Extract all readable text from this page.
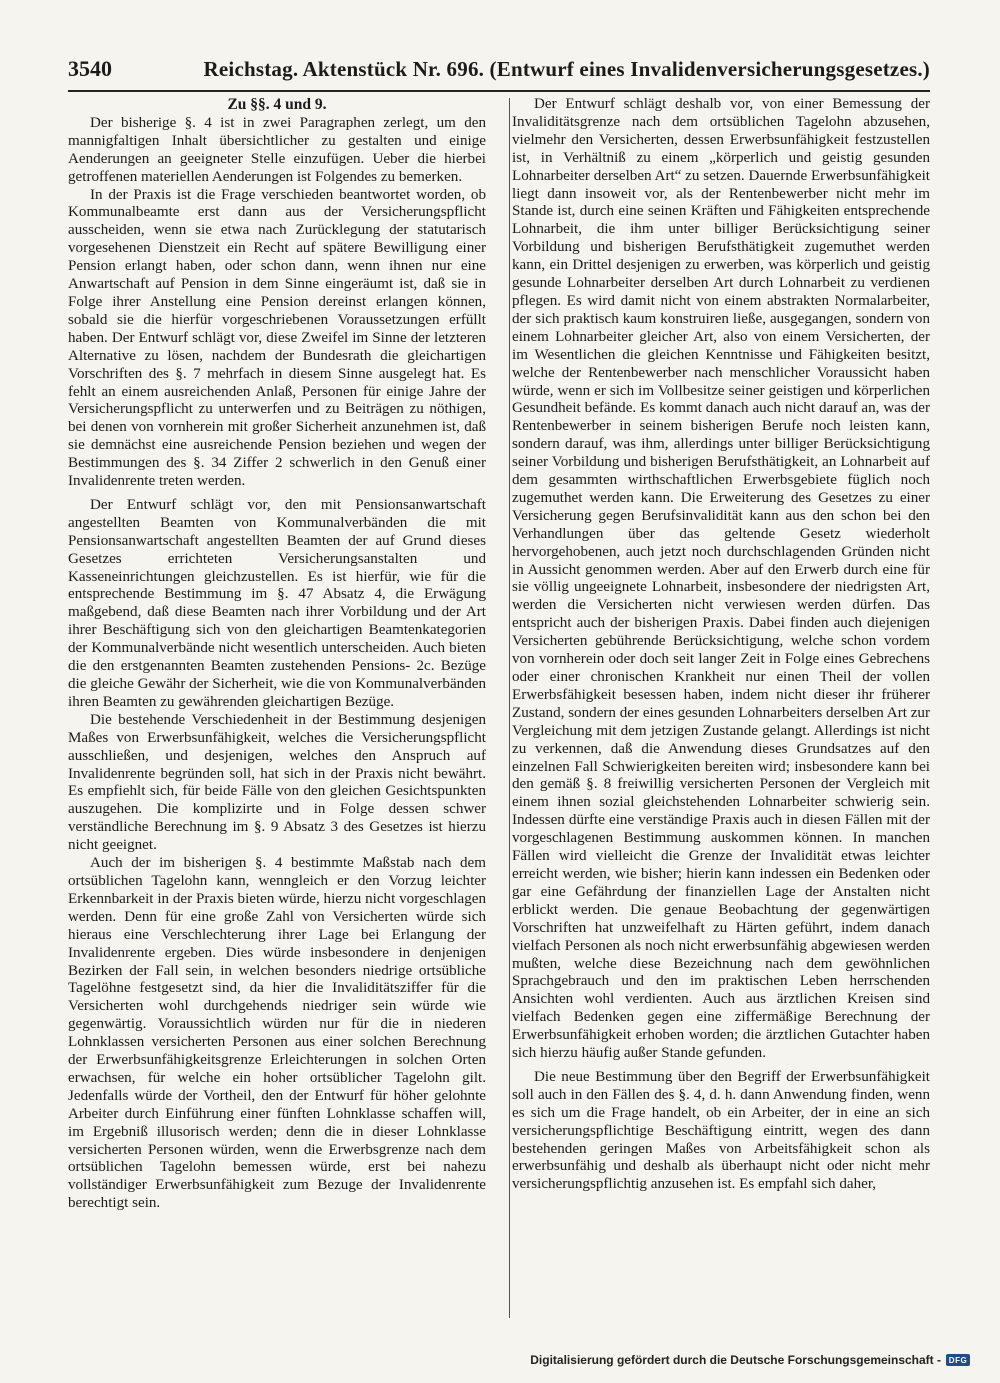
3540	Reichstag. Aktenstück Nr. 696. (Entwurf eines Invalidenversicherungsgesetzes.)

Zu §§. 4 und 9.

Der bisherige §. 4 ist in zwei Paragraphen zerlegt, um den mannigfaltigen Inhalt übersichtlicher zu gestalten und einige Aenderungen an geeigneter Stelle einzufügen. Ueber die hierbei getroffenen materiellen Aenderungen ist Folgendes zu bemerken.

In der Praxis ist die Frage verschieden beantwortet worden, ob Kommunalbeamte erst dann aus der Versicherungspflicht ausscheiden, wenn sie etwa nach Zurücklegung der statutarisch vorgesehenen Dienstzeit ein Recht auf spätere Bewilligung einer Pension erlangt haben, oder schon dann, wenn ihnen nur eine Anwartschaft auf Pension in dem Sinne eingeräumt ist, daß sie in Folge ihrer Anstellung eine Pension dereinst erlangen können, sobald sie die hierfür vorgeschriebenen Voraussetzungen erfüllt haben. Der Entwurf schlägt vor, diese Zweifel im Sinne der letzteren Alternative zu lösen, nachdem der Bundesrath die gleichartigen Vorschriften des §. 7 mehrfach in diesem Sinne ausgelegt hat. Es fehlt an einem ausreichenden Anlaß, Personen für einige Jahre der Versicherungspflicht zu unterwerfen und zu Beiträgen zu nöthigen, bei denen von vornherein mit großer Sicherheit anzunehmen ist, daß sie demnächst eine ausreichende Pension beziehen und wegen der Bestimmungen des §. 34 Ziffer 2 schwerlich in den Genuß einer Invalidenrente treten werden.

Der Entwurf schlägt vor, den mit Pensionsanwartschaft angestellten Beamten von Kommunalverbänden die mit Pensionsanwartschaft angestellten Beamten der auf Grund dieses Gesetzes errichteten Versicherungsanstalten und Kasseneinrichtungen gleichzustellen. Es ist hierfür, wie für die entsprechende Bestimmung im §. 47 Absatz 4, die Erwägung maßgebend, daß diese Beamten nach ihrer Vorbildung und der Art ihrer Beschäftigung sich von den gleichartigen Beamtenkategorien der Kommunalverbände nicht wesentlich unterscheiden. Auch bieten die den erstgenannten Beamten zustehenden Pensions- 2c. Bezüge die gleiche Gewähr der Sicherheit, wie die von Kommunalverbänden ihren Beamten zu gewährenden gleichartigen Bezüge.

Die bestehende Verschiedenheit in der Bestimmung desjenigen Maßes von Erwerbsunfähigkeit, welches die Versicherungspflicht ausschließen, und desjenigen, welches den Anspruch auf Invalidenrente begründen soll, hat sich in der Praxis nicht bewährt. Es empfiehlt sich, für beide Fälle von den gleichen Gesichtspunkten auszugehen. Die komplizirte und in Folge dessen schwer verständliche Berechnung im §. 9 Absatz 3 des Gesetzes ist hierzu nicht geeignet.

Auch der im bisherigen §. 4 bestimmte Maßstab nach dem ortsüblichen Tagelohn kann, wenngleich er den Vorzug leichter Erkennbarkeit in der Praxis bieten würde, hierzu nicht vorgeschlagen werden. Denn für eine große Zahl von Versicherten würde sich hieraus eine Verschlechterung ihrer Lage bei Erlangung der Invalidenrente ergeben. Dies würde insbesondere in denjenigen Bezirken der Fall sein, in welchen besonders niedrige ortsübliche Tagelöhne festgesetzt sind, da hier die Invaliditätsziffer für die Versicherten wohl durchgehends niedriger sein würde wie gegenwärtig. Voraussichtlich würden nur für die in niederen Lohnklassen versicherten Personen aus einer solchen Berechnung der Erwerbsunfähigkeitsgrenze Erleichterungen in solchen Orten erwachsen, für welche ein hoher ortsüblicher Tagelohn gilt. Jedenfalls würde der Vortheil, den der Entwurf für höher gelohnte Arbeiter durch Einführung einer fünften Lohnklasse schaffen will, im Ergebniß illusorisch werden; denn die in dieser Lohnklasse versicherten Personen würden, wenn die Erwerbsgrenze nach dem ortsüblichen Tagelohn bemessen würde, erst bei nahezu vollständiger Erwerbsunfähigkeit zum Bezuge der Invalidenrente berechtigt sein.

Der Entwurf schlägt deshalb vor, von einer Bemessung der Invaliditätsgrenze nach dem ortsüblichen Tagelohn abzusehen, vielmehr den Versicherten, dessen Erwerbsunfähigkeit festzustellen ist, in Verhältniß zu einem „körperlich und geistig gesunden Lohnarbeiter derselben Art“ zu setzen. Dauernde Erwerbsunfähigkeit liegt dann insoweit vor, als der Rentenbewerber nicht mehr im Stande ist, durch eine seinen Kräften und Fähigkeiten entsprechende Lohnarbeit, die ihm unter billiger Berücksichtigung seiner Vorbildung und bisherigen Berufsthätigkeit zugemuthet werden kann, ein Drittel desjenigen zu erwerben, was körperlich und geistig gesunde Lohnarbeiter derselben Art durch Lohnarbeit zu verdienen pflegen. Es wird damit nicht von einem abstrakten Normalarbeiter, der sich praktisch kaum konstruiren ließe, ausgegangen, sondern von einem Lohnarbeiter gleicher Art, also von einem Versicherten, der im Wesentlichen die gleichen Kenntnisse und Fähigkeiten besitzt, welche der Rentenbewerber nach menschlicher Voraussicht haben würde, wenn er sich im Vollbesitze seiner geistigen und körperlichen Gesundheit befände. Es kommt danach auch nicht darauf an, was der Rentenbewerber in seinem bisherigen Berufe noch leisten kann, sondern darauf, was ihm, allerdings unter billiger Berücksichtigung seiner Vorbildung und bisherigen Berufsthätigkeit, an Lohnarbeit auf dem gesammten wirthschaftlichen Erwerbsgebiete füglich noch zugemuthet werden kann. Die Erweiterung des Gesetzes zu einer Versicherung gegen Berufsinvalidität kann aus den schon bei den Verhandlungen über das geltende Gesetz wiederholt hervorgehobenen, auch jetzt noch durchschlagenden Gründen nicht in Aussicht genommen werden. Aber auf den Erwerb durch eine für sie völlig ungeeignete Lohnarbeit, insbesondere der niedrigsten Art, werden die Versicherten nicht verwiesen werden dürfen. Das entspricht auch der bisherigen Praxis. Dabei finden auch diejenigen Versicherten gebührende Berücksichtigung, welche schon vordem von vornherein oder doch seit langer Zeit in Folge eines Gebrechens oder einer chronischen Krankheit nur einen Theil der vollen Erwerbsfähigkeit besessen haben, indem nicht dieser ihr früherer Zustand, sondern der eines gesunden Lohnarbeiters derselben Art zur Vergleichung mit dem jetzigen Zustande gelangt. Allerdings ist nicht zu verkennen, daß die Anwendung dieses Grundsatzes auf den einzelnen Fall Schwierigkeiten bereiten wird; insbesondere kann bei den gemäß §. 8 freiwillig versicherten Personen der Vergleich mit einem ihnen sozial gleichstehenden Lohnarbeiter schwierig sein. Indessen dürfte eine verständige Praxis auch in diesen Fällen mit der vorgeschlagenen Bestimmung auskommen können. In manchen Fällen wird vielleicht die Grenze der Invalidität etwas leichter erreicht werden, wie bisher; hierin kann indessen ein Bedenken oder gar eine Gefährdung der finanziellen Lage der Anstalten nicht erblickt werden. Die genaue Beobachtung der gegenwärtigen Vorschriften hat unzweifelhaft zu Härten geführt, indem danach vielfach Personen als noch nicht erwerbsunfähig abgewiesen werden mußten, welche diese Bezeichnung nach dem gewöhnlichen Sprachgebrauch und den im praktischen Leben herrschenden Ansichten wohl verdienten. Auch aus ärztlichen Kreisen sind vielfach Bedenken gegen eine ziffermäßige Berechnung der Erwerbsunfähigkeit erhoben worden; die ärztlichen Gutachter haben sich hierzu häufig außer Stande gefunden.

Die neue Bestimmung über den Begriff der Erwerbsunfähigkeit soll auch in den Fällen des §. 4, d. h. dann Anwendung finden, wenn es sich um die Frage handelt, ob ein Arbeiter, der in eine an sich versicherungspflichtige Beschäftigung eintritt, wegen des dann bestehenden geringen Maßes von Arbeitsfähigkeit schon als erwerbsunfähig und deshalb als überhaupt nicht oder nicht mehr versicherungspflichtig anzusehen ist. Es empfahl sich daher,

Digitalisierung gefördert durch die Deutsche Forschungsgemeinschaft - DFG
